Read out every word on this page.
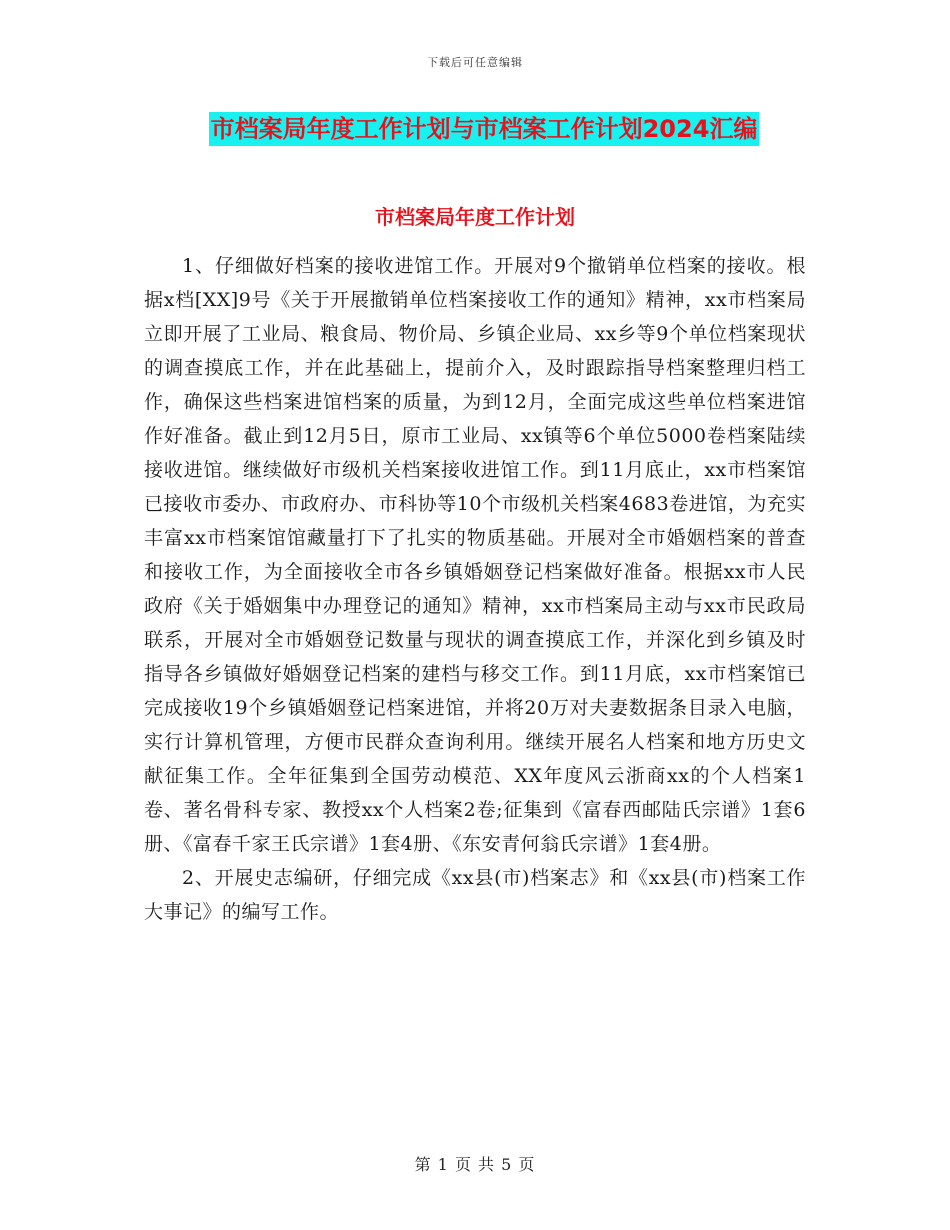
下载后可任意编辑
市档案局年度工作计划与市档案工作计划2024汇编
市档案局年度工作计划

1、仔细做好档案的接收进馆工作。开展对9个撤销单位档案的接收。根据x档[XX]9号《关于开展撤销单位档案接收工作的通知》精神，xx市档案局立即开展了工业局、粮食局、物价局、乡镇企业局、xx乡等9个单位档案现状的调查摸底工作，并在此基础上，提前介入，及时跟踪指导档案整理归档工作，确保这些档案进馆档案的质量，为到12月，全面完成这些单位档案进馆作好准备。截止到12月5日，原市工业局、xx镇等6个单位5000卷档案陆续接收进馆。继续做好市级机关档案接收进馆工作。到11月底止，xx市档案馆已接收市委办、市政府办、市科协等10个市级机关档案4683卷进馆，为充实丰富xx市档案馆馆藏量打下了扎实的物质基础。开展对全市婚姻档案的普查和接收工作，为全面接收全市各乡镇婚姻登记档案做好准备。根据xx市人民政府《关于婚姻集中办理登记的通知》精神，xx市档案局主动与xx市民政局联系，开展对全市婚姻登记数量与现状的调查摸底工作，并深化到乡镇及时指导各乡镇做好婚姻登记档案的建档与移交工作。到11月底，xx市档案馆已完成接收19个乡镇婚姻登记档案进馆，并将20万对夫妻数据条目录入电脑，实行计算机管理，方便市民群众查询利用。继续开展名人档案和地方历史文献征集工作。全年征集到全国劳动模范、XX年度风云浙商xx的个人档案1卷、著名骨科专家、教授xx个人档案2卷;征集到《富春西邮陆氏宗谱》1套6册、《富春千家王氏宗谱》1套4册、《东安青何翁氏宗谱》1套4册。

2、开展史志编研，仔细完成《xx县(市)档案志》和《xx县(市)档案工作大事记》的编写工作。

第 1 页 共 5 页
